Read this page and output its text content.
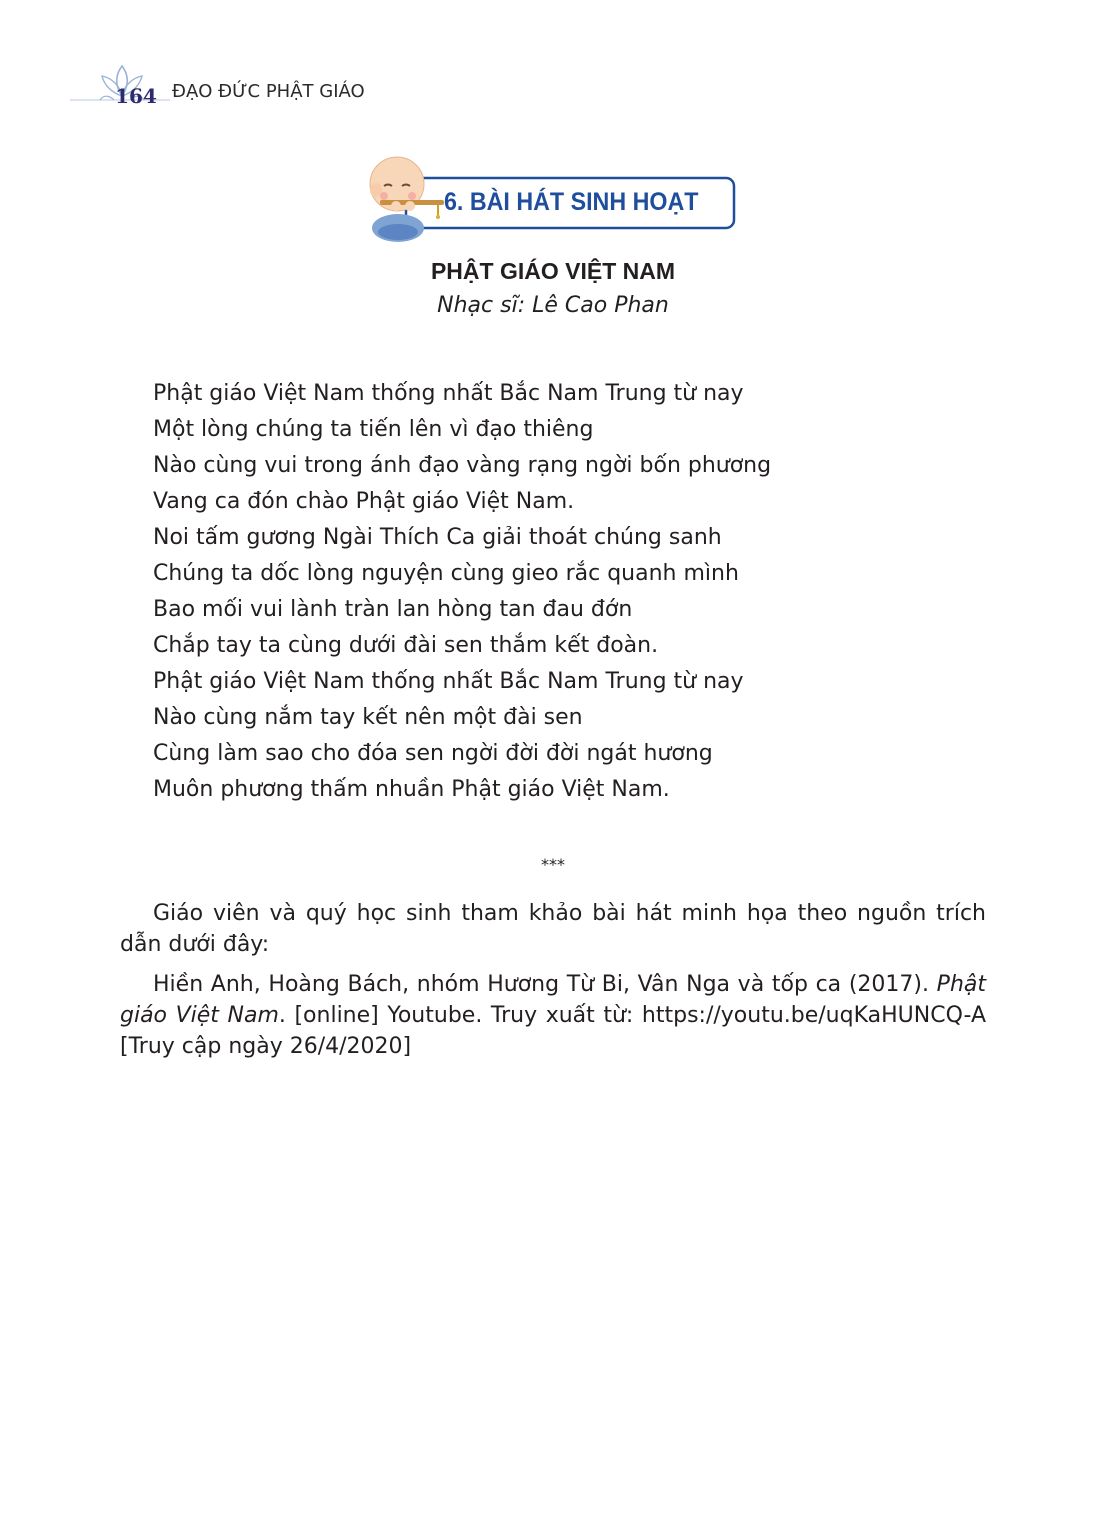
164 ĐẠO ĐỨC PHẬT GIÁO
6. BÀI HÁT SINH HOẠT
PHẬT GIÁO VIỆT NAM
Nhạc sĩ: Lê Cao Phan
Phật giáo Việt Nam thống nhất Bắc Nam Trung từ nay
Một lòng chúng ta tiến lên vì đạo thiêng
Nào cùng vui trong ánh đạo vàng rạng ngời bốn phương
Vang ca đón chào Phật giáo Việt Nam.
Noi tấm gương Ngài Thích Ca giải thoát chúng sanh
Chúng ta dốc lòng nguyện cùng gieo rắc quanh mình
Bao mối vui lành tràn lan hòng tan đau đớn
Chắp tay ta cùng dưới đài sen thắm kết đoàn.
Phật giáo Việt Nam thống nhất Bắc Nam Trung từ nay
Nào cùng nắm tay kết nên một đài sen
Cùng làm sao cho đóa sen ngời đời đời ngát hương
Muôn phương thấm nhuần Phật giáo Việt Nam.
***

Giáo viên và quý học sinh tham khảo bài hát minh họa theo nguồn trích dẫn dưới đây:

Hiền Anh, Hoàng Bách, nhóm Hương Từ Bi, Vân Nga và tốp ca (2017). Phật giáo Việt Nam. [online] Youtube. Truy xuất từ: https://youtu.be/uqKaHUNCQ-A [Truy cập ngày 26/4/2020]
